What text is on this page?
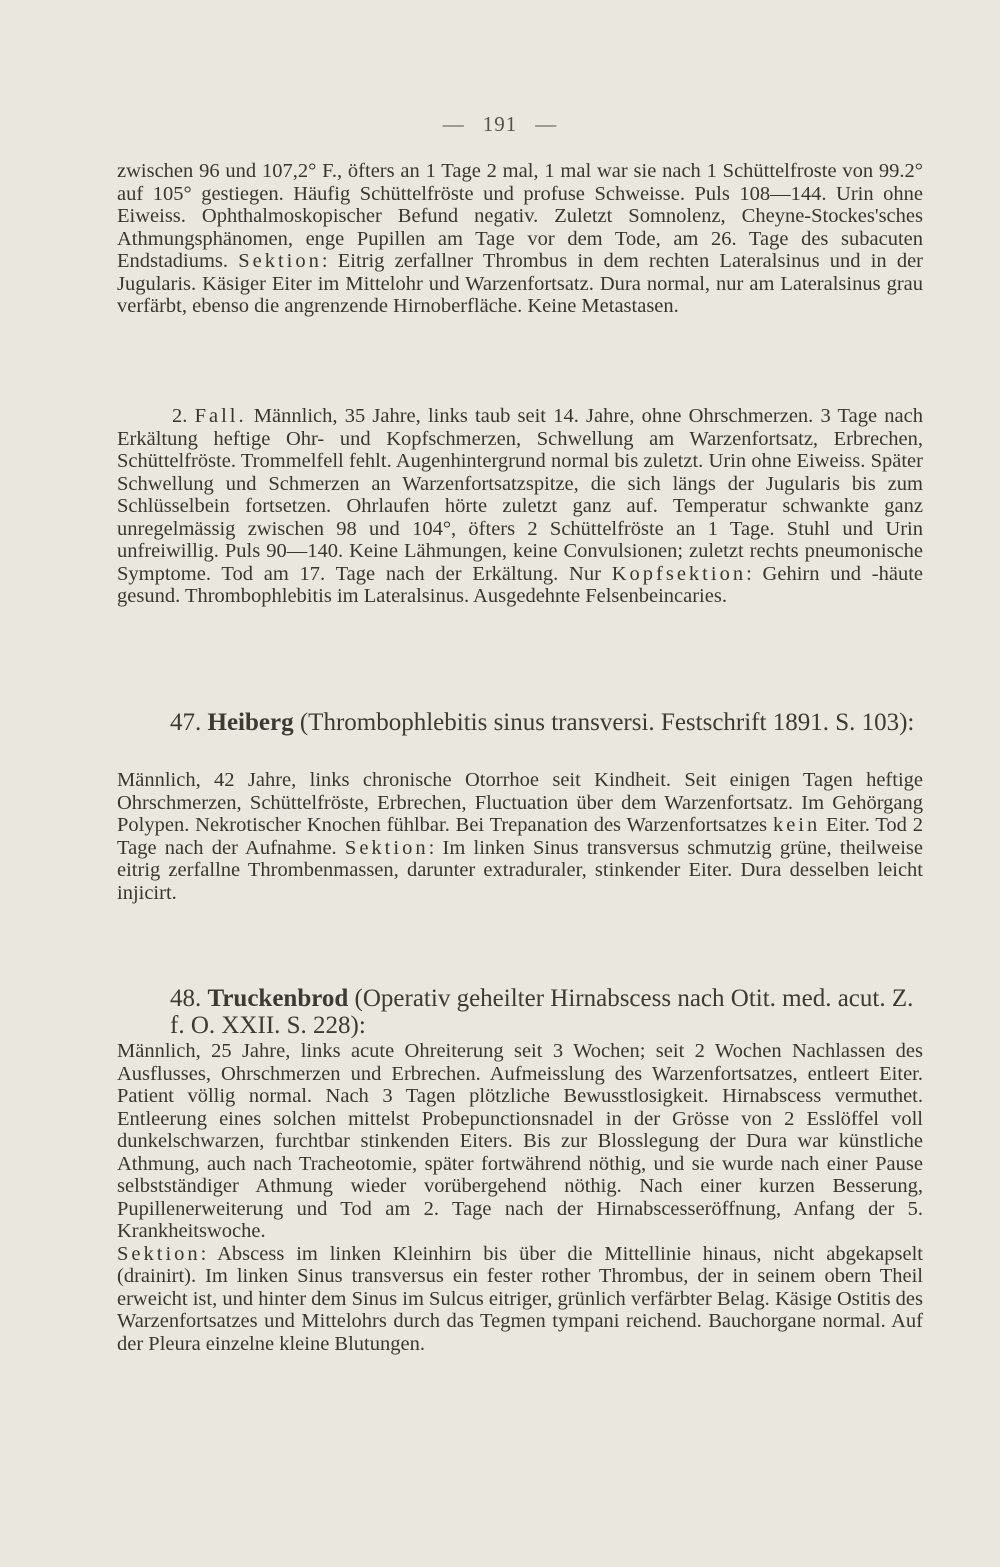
— 191 —

zwischen 96 und 107,2° F., öfters an 1 Tage 2 mal, 1 mal war sie nach 1 Schüttelfroste von 99.2° auf 105° gestiegen. Häufig Schüttelfröste und profuse Schweisse. Puls 108—144. Urin ohne Eiweiss. Ophthalmoskopischer Befund negativ. Zuletzt Somnolenz, Cheyne-Stockes'sches Athmungsphänomen, enge Pupillen am Tage vor dem Tode, am 26. Tage des subacuten Endstadiums. Sektion: Eitrig zerfallner Thrombus in dem rechten Lateralsinus und in der Jugularis. Käsiger Eiter im Mittelohr und Warzenfortsatz. Dura normal, nur am Lateralsinus grau verfärbt, ebenso die angrenzende Hirnoberfläche. Keine Metastasen.

2. Fall. Männlich, 35 Jahre, links taub seit 14. Jahre, ohne Ohrschmerzen. 3 Tage nach Erkältung heftige Ohr- und Kopfschmerzen, Schwellung am Warzenfortsatz, Erbrechen, Schüttelfröste. Trommelfell fehlt. Augenhintergrund normal bis zuletzt. Urin ohne Eiweiss. Später Schwellung und Schmerzen an Warzenfortsatzspitze, die sich längs der Jugularis bis zum Schlüsselbein fortsetzen. Ohrlaufen hörte zuletzt ganz auf. Temperatur schwankte ganz unregelmässig zwischen 98 und 104°, öfters 2 Schüttelfröste an 1 Tage. Stuhl und Urin unfreiwillig. Puls 90—140. Keine Lähmungen, keine Convulsionen; zuletzt rechts pneumonische Symptome. Tod am 17. Tage nach der Erkältung. Nur Kopfsektion: Gehirn und -häute gesund. Thrombophlebitis im Lateralsinus. Ausgedehnte Felsenbeincaries.

47. Heiberg (Thrombophlebitis sinus transversi. Festschrift 1891. S. 103):

Männlich, 42 Jahre, links chronische Otorrhoe seit Kindheit. Seit einigen Tagen heftige Ohrschmerzen, Schüttelfröste, Erbrechen, Fluctuation über dem Warzenfortsatz. Im Gehörgang Polypen. Nekrotischer Knochen fühlbar. Bei Trepanation des Warzenfortsatzes kein Eiter. Tod 2 Tage nach der Aufnahme. Sektion: Im linken Sinus transversus schmutzig grüne, theilweise eitrig zerfallne Thrombenmassen, darunter extraduraler, stinkender Eiter. Dura desselben leicht injicirt.

48. Truckenbrod (Operativ geheilter Hirnabscess nach Otit. med. acut. Z. f. O. XXII. S. 228):

Männlich, 25 Jahre, links acute Ohreiterung seit 3 Wochen; seit 2 Wochen Nachlassen des Ausflusses, Ohrschmerzen und Erbrechen. Aufmeisslung des Warzenfortsatzes, entleert Eiter. Patient völlig normal. Nach 3 Tagen plötzliche Bewusstlosigkeit. Hirnabscess vermuthet. Entleerung eines solchen mittelst Probepunctionsnadel in der Grösse von 2 Esslöffel voll dunkelschwarzen, furchtbar stinkenden Eiters. Bis zur Blosslegung der Dura war künstliche Athmung, auch nach Tracheotomie, später fortwährend nöthig, und sie wurde nach einer Pause selbstständiger Athmung wieder vorübergehend nöthig. Nach einer kurzen Besserung, Pupillenerweiterung und Tod am 2. Tage nach der Hirnabscesseröffnung, Anfang der 5. Krankheitswoche.

Sektion: Abscess im linken Kleinhirn bis über die Mittellinie hinaus, nicht abgekapselt (drainirt). Im linken Sinus transversus ein fester rother Thrombus, der in seinem obern Theil erweicht ist, und hinter dem Sinus im Sulcus eitriger, grünlich verfärbter Belag. Käsige Ostitis des Warzenfortsatzes und Mittelohrs durch das Tegmen tympani reichend. Bauchorgane normal. Auf der Pleura einzelne kleine Blutungen.
